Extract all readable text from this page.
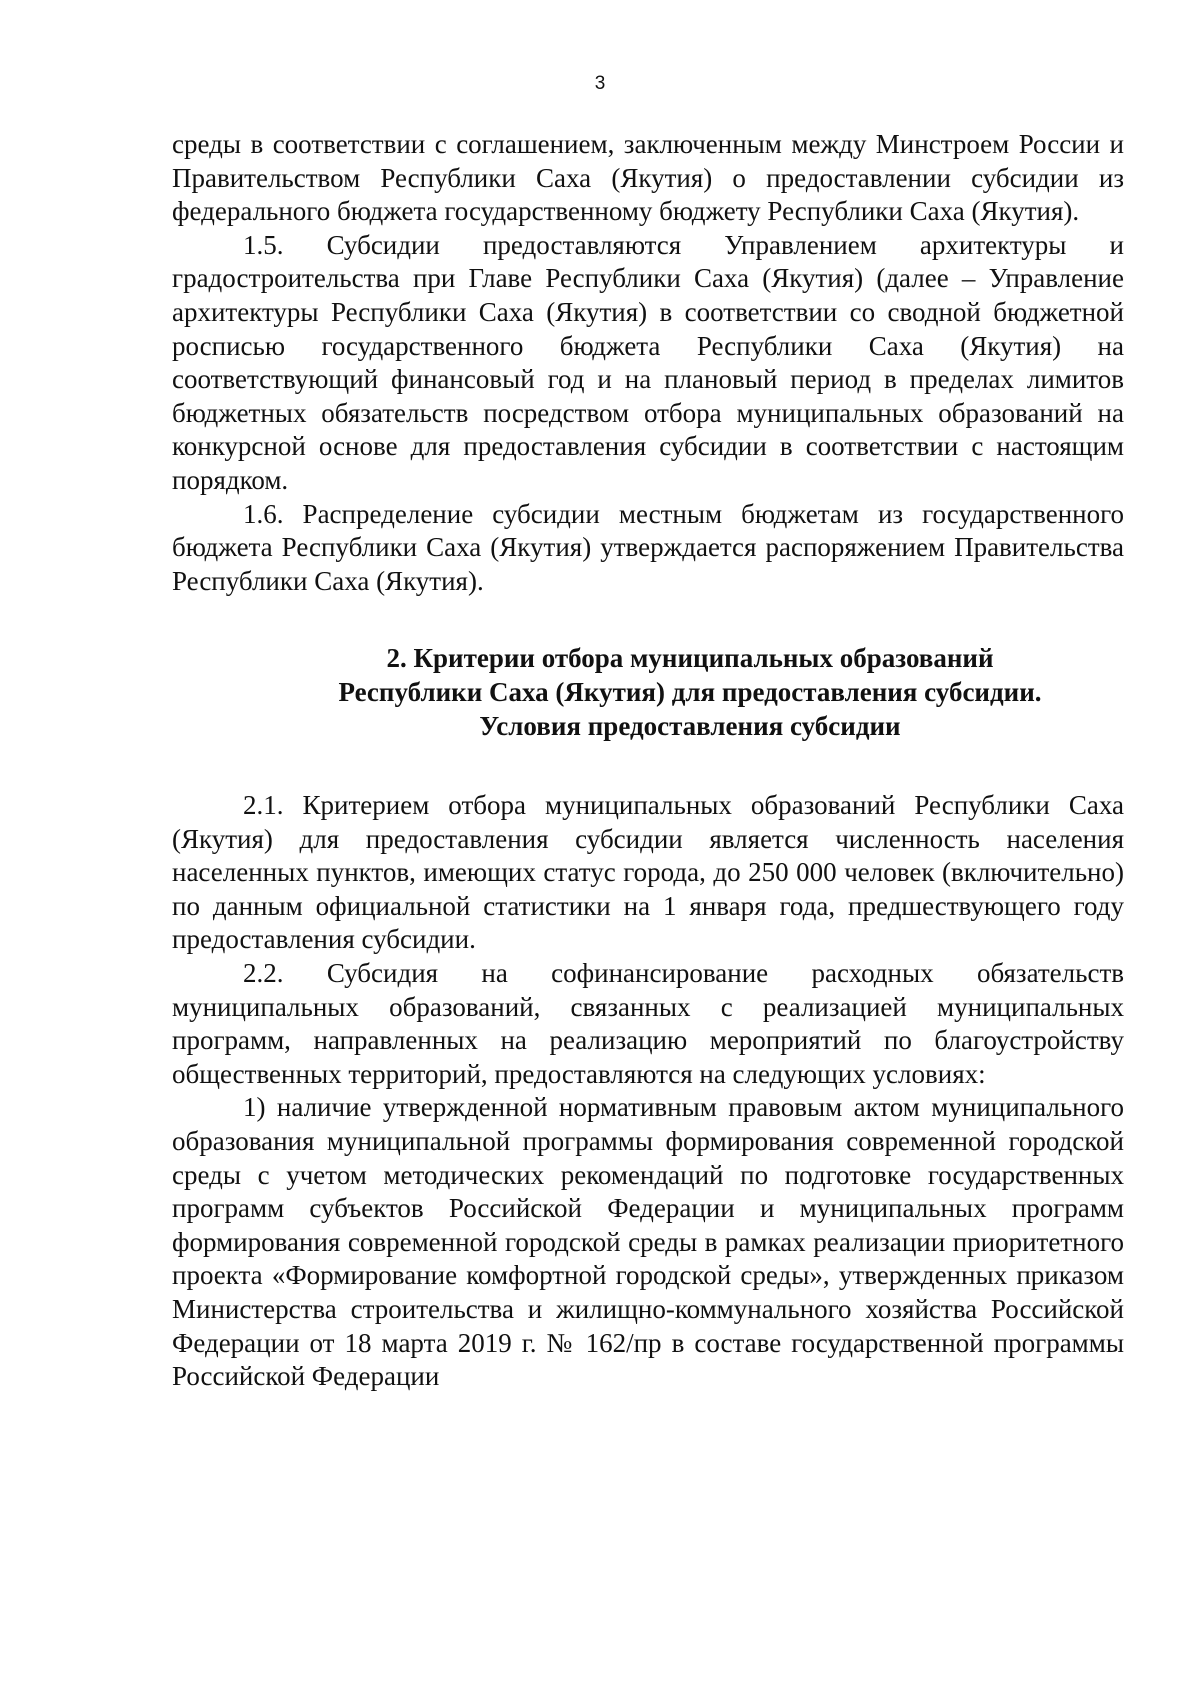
3

среды в соответствии с соглашением, заключенным между Минстроем России и Правительством Республики Саха (Якутия) о предоставлении субсидии из федерального бюджета государственному бюджету Республики Саха (Якутия).

1.5. Субсидии предоставляются Управлением архитектуры и градостроительства при Главе Республики Саха (Якутия) (далее – Управление архитектуры Республики Саха (Якутия) в соответствии со сводной бюджетной росписью государственного бюджета Республики Саха (Якутия) на соответствующий финансовый год и на плановый период в пределах лимитов бюджетных обязательств посредством отбора муниципальных образований на конкурсной основе для предоставления субсидии в соответствии с настоящим порядком.

1.6. Распределение субсидии местным бюджетам из государственного бюджета Республики Саха (Якутия) утверждается распоряжением Правительства Республики Саха (Якутия).

2. Критерии отбора муниципальных образований
Республики Саха (Якутия) для предоставления субсидии.
Условия предоставления субсидии

2.1. Критерием отбора муниципальных образований Республики Саха (Якутия) для предоставления субсидии является численность населения населенных пунктов, имеющих статус города, до 250 000 человек (включительно) по данным официальной статистики на 1 января года, предшествующего году предоставления субсидии.

2.2. Субсидия на софинансирование расходных обязательств муниципальных образований, связанных с реализацией муниципальных программ, направленных на реализацию мероприятий по благоустройству общественных территорий, предоставляются на следующих условиях:

1) наличие утвержденной нормативным правовым актом муниципального образования муниципальной программы формирования современной городской среды с учетом методических рекомендаций по подготовке государственных программ субъектов Российской Федерации и муниципальных программ формирования современной городской среды в рамках реализации приоритетного проекта «Формирование комфортной городской среды», утвержденных приказом Министерства строительства и жилищно-коммунального хозяйства Российской Федерации от 18 марта 2019 г. № 162/пр в составе государственной программы Российской Федерации
